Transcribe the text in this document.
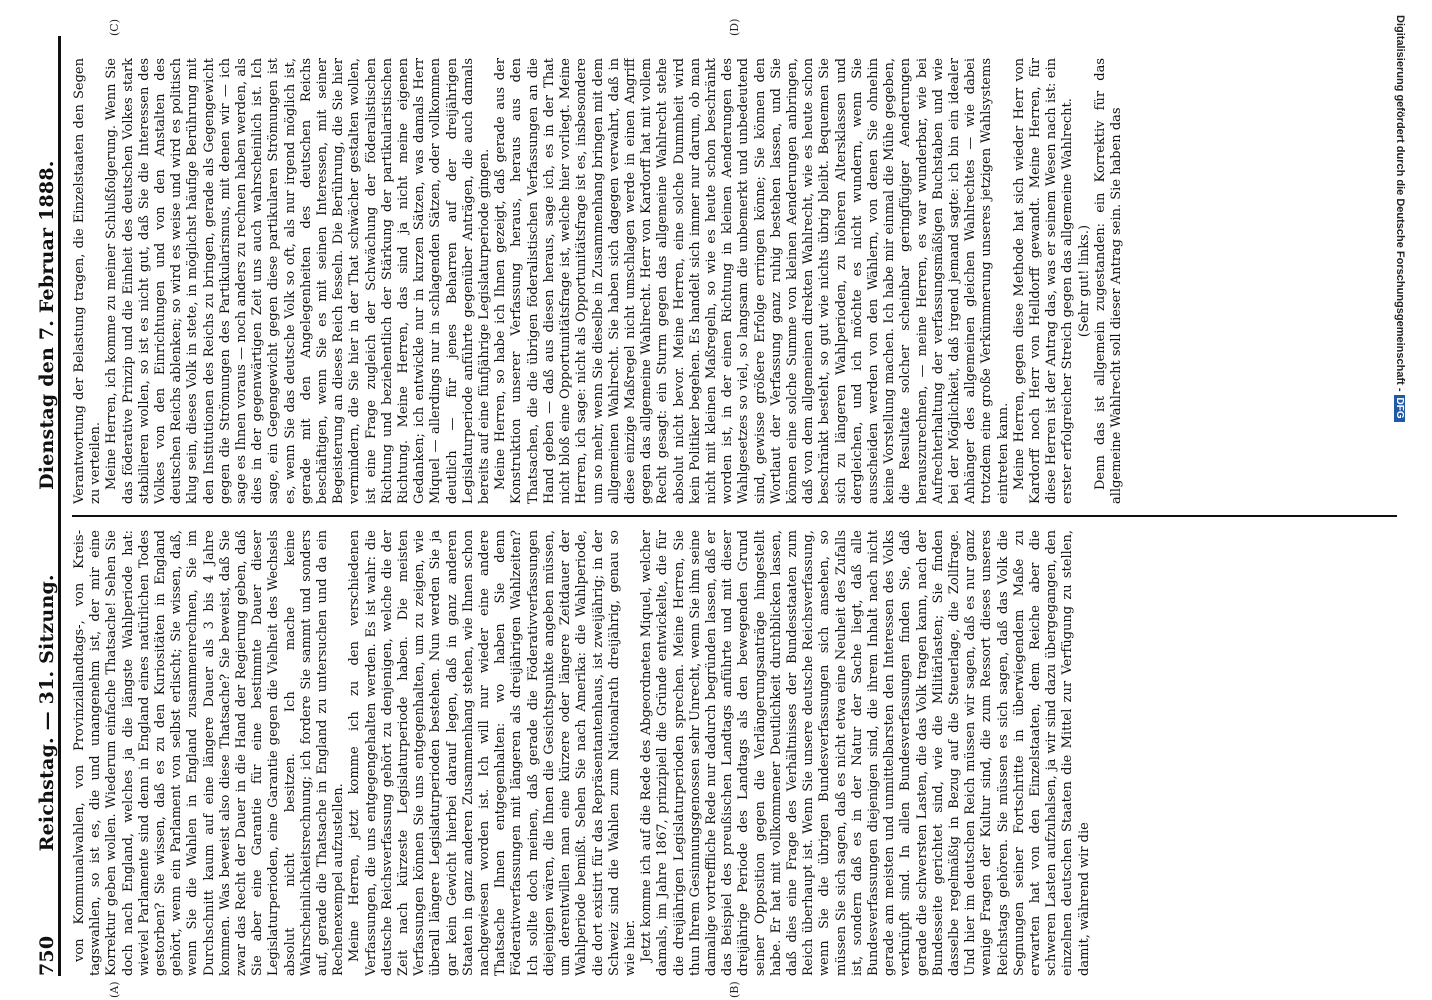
750
Reichstag. — 31. Sitzung.
Dienstag den 7. Februar 1888.

von Kommunalwahlen, von Provinziallandtags-, von Kreis- tagswahlen, so ist es, die und unangenehm ist, der mir eine Korrektur geben wollen. Wiederum einfache Thatsache! Sehen Sie doch nach England, welches ja die längste Wahlperiode hat: wieviel Parlamente sind denn in England eines natürlichen Todes gestorben? Sie wissen, daß es zu den Kuriositäten in England gehört, wenn ein Parlament von selbst erlischt; Sie wissen, daß, wenn Sie die Wahlen in England zusammenrechnen, Sie im Durchschnitt kaum auf eine längere Dauer als 3 bis 4 Jahre kommen. Was beweist also diese Thatsache? Sie beweist, daß Sie zwar das Recht der Dauer in die Hand der Regierung geben, daß Sie aber eine Garantie für eine bestimmte Dauer dieser Legislaturperioden, eine Garantie gegen die Vielheit des Wechsels absolut nicht besitzen. Ich mache keine Wahrscheinlichkeitsrechnung; ich fordere Sie sammt und sonders auf, gerade die Thatsache in England zu untersuchen und da ein Rechenexempel aufzustellen. Meine Herren, jetzt komme ich zu den verschiedenen Verfassungen, die uns entgegengehalten werden. Es ist wahr: die deutsche Reichsverfassung gehört zu denjenigen, welche die der Zeit nach kürzeste Legislaturperiode haben. Die meisten Verfassungen können Sie uns entgegenhalten, um zu zeigen, wie überall längere Legislaturperioden bestehen. Nun werden Sie ja gar kein Gewicht hierbei darauf legen, daß in ganz anderen Staaten in ganz anderen Zusammenhang stehen, wie Ihnen schon nachgewiesen worden ist. Ich will nur wieder eine andere Thatsache Ihnen entgegenhalten: wo haben Sie denn Föderativverfassungen mit längeren als dreijährigen Wahlzeiten? Ich sollte doch meinen, daß gerade die Föderativverfassungen diejenigen wären, die Ihnen die Gesichtspunkte angeben müssen, um derentwillen man eine kürzere oder längere Zeitdauer der Wahlperiode bemißt. Sehen Sie nach Amerika: die Wahlperiode, die dort existirt für das Repräsentantenhaus, ist zweijährig; in der Schweiz sind die Wahlen zum Nationalrath dreijährig, genau so wie hier. Jetzt komme ich auf die Rede des Abgeordneten Miquel, welcher damals, im Jahre 1867, prinzipiell die Gründe entwickelte, die für die dreijährigen Legislaturperioden sprechen. Meine Herren, Sie thun Ihrem Gesinnungsgenossen sehr Unrecht, wenn Sie ihm seine damalige vortreffliche Rede nur dadurch begründen lassen, daß er das Beispiel des preußischen Landtags anführte und mit dieser dreijährige Periode des Landtags als den bewegenden Grund seiner Opposition gegen die Verlängerungsanträge hingestellt habe. Er hat mit vollkommener Deutlichkeit durchblicken lassen, daß dies eine Frage des Verhältnisses der Bundesstaaten zum Reich überhaupt ist. Wenn Sie unsere deutsche Reichsverfassung, wenn Sie die übrigen Bundesverfassungen sich ansehen, so müssen Sie sich sagen, daß es nicht etwa eine Neuheit des Zufalls ist, sondern daß es in der Natur der Sache liegt, daß alle Bundesverfassungen diejenigen sind, die ihrem Inhalt nach nicht gerade am meisten und unmittelbarsten den Interessen des Volks verknüpft sind. In allen Bundesverfassungen finden Sie, daß gerade die schwersten Lasten, die das Volk tragen kann, nach der Bundesseite gerichtet sind, wie die Militärlasten; Sie finden dasselbe regelmäßig in Bezug auf die Steuerlage, die Zollfrage. Und hier im deutschen Reich müssen wir sagen, daß es nur ganz wenige Fragen der Kultur sind, die zum Ressort dieses unseres Reichstags gehören. Sie müssen es sich sagen, daß das Volk die Segnungen seiner Fortschritte in überwiegendem Maße zu erwarten hat von den Einzelstaaten, dem Reiche aber die schweren Lasten aufzuhalsen, ja wir sind dazu übergegangen, den einzelnen deutschen Staaten die Mittel zur Verfügung zu stellen, damit, während wir die

Verantwortung der Belastung tragen, die Einzelstaaten den Segen zu verteilen. Meine Herren, ich komme zu meiner Schlußfolgerung. Wenn Sie das föderative Prinzip und die Einheit des deutschen Volkes stark stabilieren wollen, so ist es nicht gut, daß Sie die Interessen des Volkes von den Einrichtungen und von den Anstalten des deutschen Reichs ablenken; so wird es weise und wird es politisch klug sein, dieses Volk in stete, in möglichst häufige Berührung mit den Institutionen des Reichs zu bringen, gerade als Gegengewicht gegen die Strömungen des Partikularismus, mit denen wir — ich sage es Ihnen voraus — noch anders zu rechnen haben werden, als dies in der gegenwärtigen Zeit uns auch wahrscheinlich ist. Ich sage, ein Gegengewicht gegen diese partikularen Strömungen ist es, wenn Sie das deutsche Volk so oft, als nur irgend möglich ist, gerade mit den Angelegenheiten des deutschen Reichs beschäftigen, wenn Sie es mit seinen Interessen, mit seiner Begeisterung an dieses Reich fesseln. Die Berührung, die Sie hier vermindern, die Sie hier in der That schwächer gestalten wollen, ist eine Frage zugleich der Schwächung der föderalistischen Richtung und beziehentlich der Stärkung der partikularistischen Richtung. Meine Herren, das sind ja nicht meine eigenen Gedanken; ich entwickle nur in kurzen Sätzen, was damals Herr Miquel — allerdings nur in schlagenden Sätzen, oder vollkommen deutlich — für jenes Beharren auf der dreijährigen Legislaturperiode anführte gegenüber Anträgen, die auch damals bereits auf eine fünfjährige Legislaturperiode gingen. Meine Herren, so habe ich Ihnen gezeigt, daß gerade aus der Konstruktion unserer Verfassung heraus, heraus aus den Thatsachen, die die übrigen föderalistischen Verfassungen an die Hand geben — daß aus diesen heraus, sage ich, es in der That nicht bloß eine Opportunitätsfrage ist, welche hier vorliegt. Meine Herren, ich sage: nicht als Opportunitätsfrage ist es, insbesondere um so mehr, wenn Sie dieselbe in Zusammenhang bringen mit dem allgemeinen Wahlrecht. Sie haben sich dagegen verwahrt, daß in diese einzige Maßregel nicht umschlagen werde in einen Angriff gegen das allgemeine Wahlrecht. Herr von Kardorff hat mit vollem Recht gesagt: ein Sturm gegen das allgemeine Wahlrecht stehe absolut nicht bevor. Meine Herren, eine solche Dummheit wird kein Politiker begehen. Es handelt sich immer nur darum, ob man nicht mit kleinen Maßregeln, so wie es heute schon beschränkt worden ist, in der einen Richtung in kleinen Aenderungen des Wahlgesetzes so viel, so langsam die unbemerkt und unbedeutend sind, gewisse größere Erfolge erringen könne; Sie können den Wortlaut der Verfassung ganz ruhig bestehen lassen, und Sie können eine solche Summe von kleinen Aenderungen anbringen, daß von dem allgemeinen direkten Wahlrecht, wie es heute schon beschränkt besteht, so gut wie nichts übrig bleibt. Bequemen Sie sich zu längeren Wahlperioden, zu höheren Altersklassen und dergleichen, und ich möchte es nicht wundern, wenn Sie ausscheiden werden von den Wählern, von denen Sie ohnehin keine Vorstellung machen. Ich habe mir einmal die Mühe gegeben, die Resultate solcher scheinbar geringfügiger Aenderungen herauszurechnen, — meine Herren, es war wunderbar, wie bei Aufrechterhaltung der verfassungsmäßigen Buchstaben und wie bei der Möglichkeit, daß irgend jemand sagte: ich bin ein idealer Anhänger des allgemeinen gleichen Wahlrechtes — wie dabei trotzdem eine große Verkümmerung unseres jetzigen Wahlsystems eintreten kann. Meine Herren, gegen diese Methode hat sich wieder Herr von Kardorff noch Herr von Helldorff gewandt. Meine Herren, für diese Herren ist der Antrag das, was er seinem Wesen nach ist: ein erster erfolgreicher Streich gegen das allgemeine Wahlrecht. (Sehr gut! links.) Denn das ist allgemein zugestanden: ein Korrektiv für das allgemeine Wahlrecht soll dieser Antrag sein. Sie haben das

(A)	(B)
(C)	(D)	Digitalisierung gefördert durch die Deutsche Forschungsgemeinschaft -DFG
